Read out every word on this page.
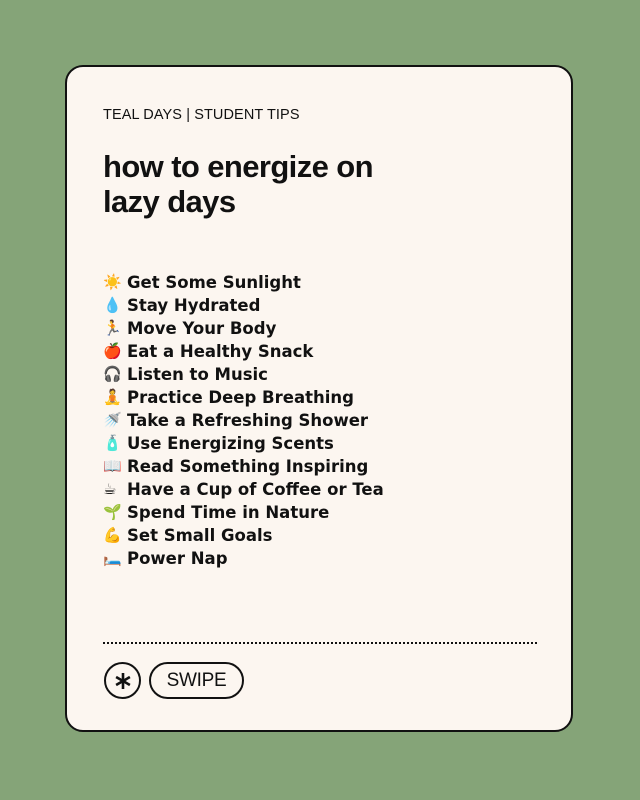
TEAL DAYS | STUDENT TIPS
how to energize on
lazy days
☀️ Get Some Sunlight
💧 Stay Hydrated
🏃 Move Your Body
🍎 Eat a Healthy Snack
🎧 Listen to Music
🧘 Practice Deep Breathing
🚿 Take a Refreshing Shower
🧴 Use Energizing Scents
📖 Read Something Inspiring
☕ Have a Cup of Coffee or Tea
🌱 Spend Time in Nature
💪 Set Small Goals
🛏️ Power Nap
SWIPE
